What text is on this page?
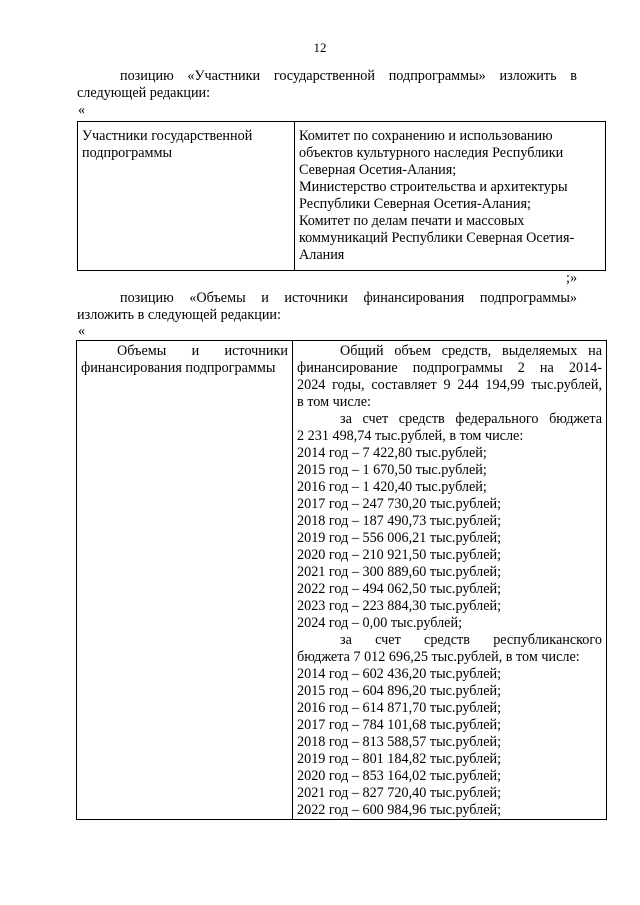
12
позицию «Участники государственной подпрограммы» изложить в
следующей редакции:
«
Участники государственной
подпрограммы

Комитет по сохранению и использованию
объектов культурного наследия Республики
Северная Осетия-Алания;
Министерство строительства и архитектуры
Республики Северная Осетия-Алания;
Комитет по делам печати и массовых
коммуникаций Республики Северная Осетия-
Алания
;»
позицию «Объемы и источники финансирования подпрограммы»
изложить в следующей редакции:
«
Объемы и источники
финансирования подпрограммы

Общий объем средств, выделяемых на
финансирование подпрограммы 2 на 2014-
2024 годы, составляет 9 244 194,99 тыс.рублей,
в том числе:
за счет средств федерального бюджета
2 231 498,74 тыс.рублей, в том числе:
2014 год – 7 422,80 тыс.рублей;
2015 год – 1 670,50 тыс.рублей;
2016 год – 1 420,40 тыс.рублей;
2017 год – 247 730,20 тыс.рублей;
2018 год – 187 490,73 тыс.рублей;
2019 год – 556 006,21 тыс.рублей;
2020 год – 210 921,50 тыс.рублей;
2021 год – 300 889,60 тыс.рублей;
2022 год – 494 062,50 тыс.рублей;
2023 год – 223 884,30 тыс.рублей;
2024 год – 0,00 тыс.рублей;
за счет средств республиканского
бюджета 7 012 696,25 тыс.рублей, в том числе:
2014 год – 602 436,20 тыс.рублей;
2015 год – 604 896,20 тыс.рублей;
2016 год – 614 871,70 тыс.рублей;
2017 год – 784 101,68 тыс.рублей;
2018 год – 813 588,57 тыс.рублей;
2019 год – 801 184,82 тыс.рублей;
2020 год – 853 164,02 тыс.рублей;
2021 год – 827 720,40 тыс.рублей;
2022 год – 600 984,96 тыс.рублей;
